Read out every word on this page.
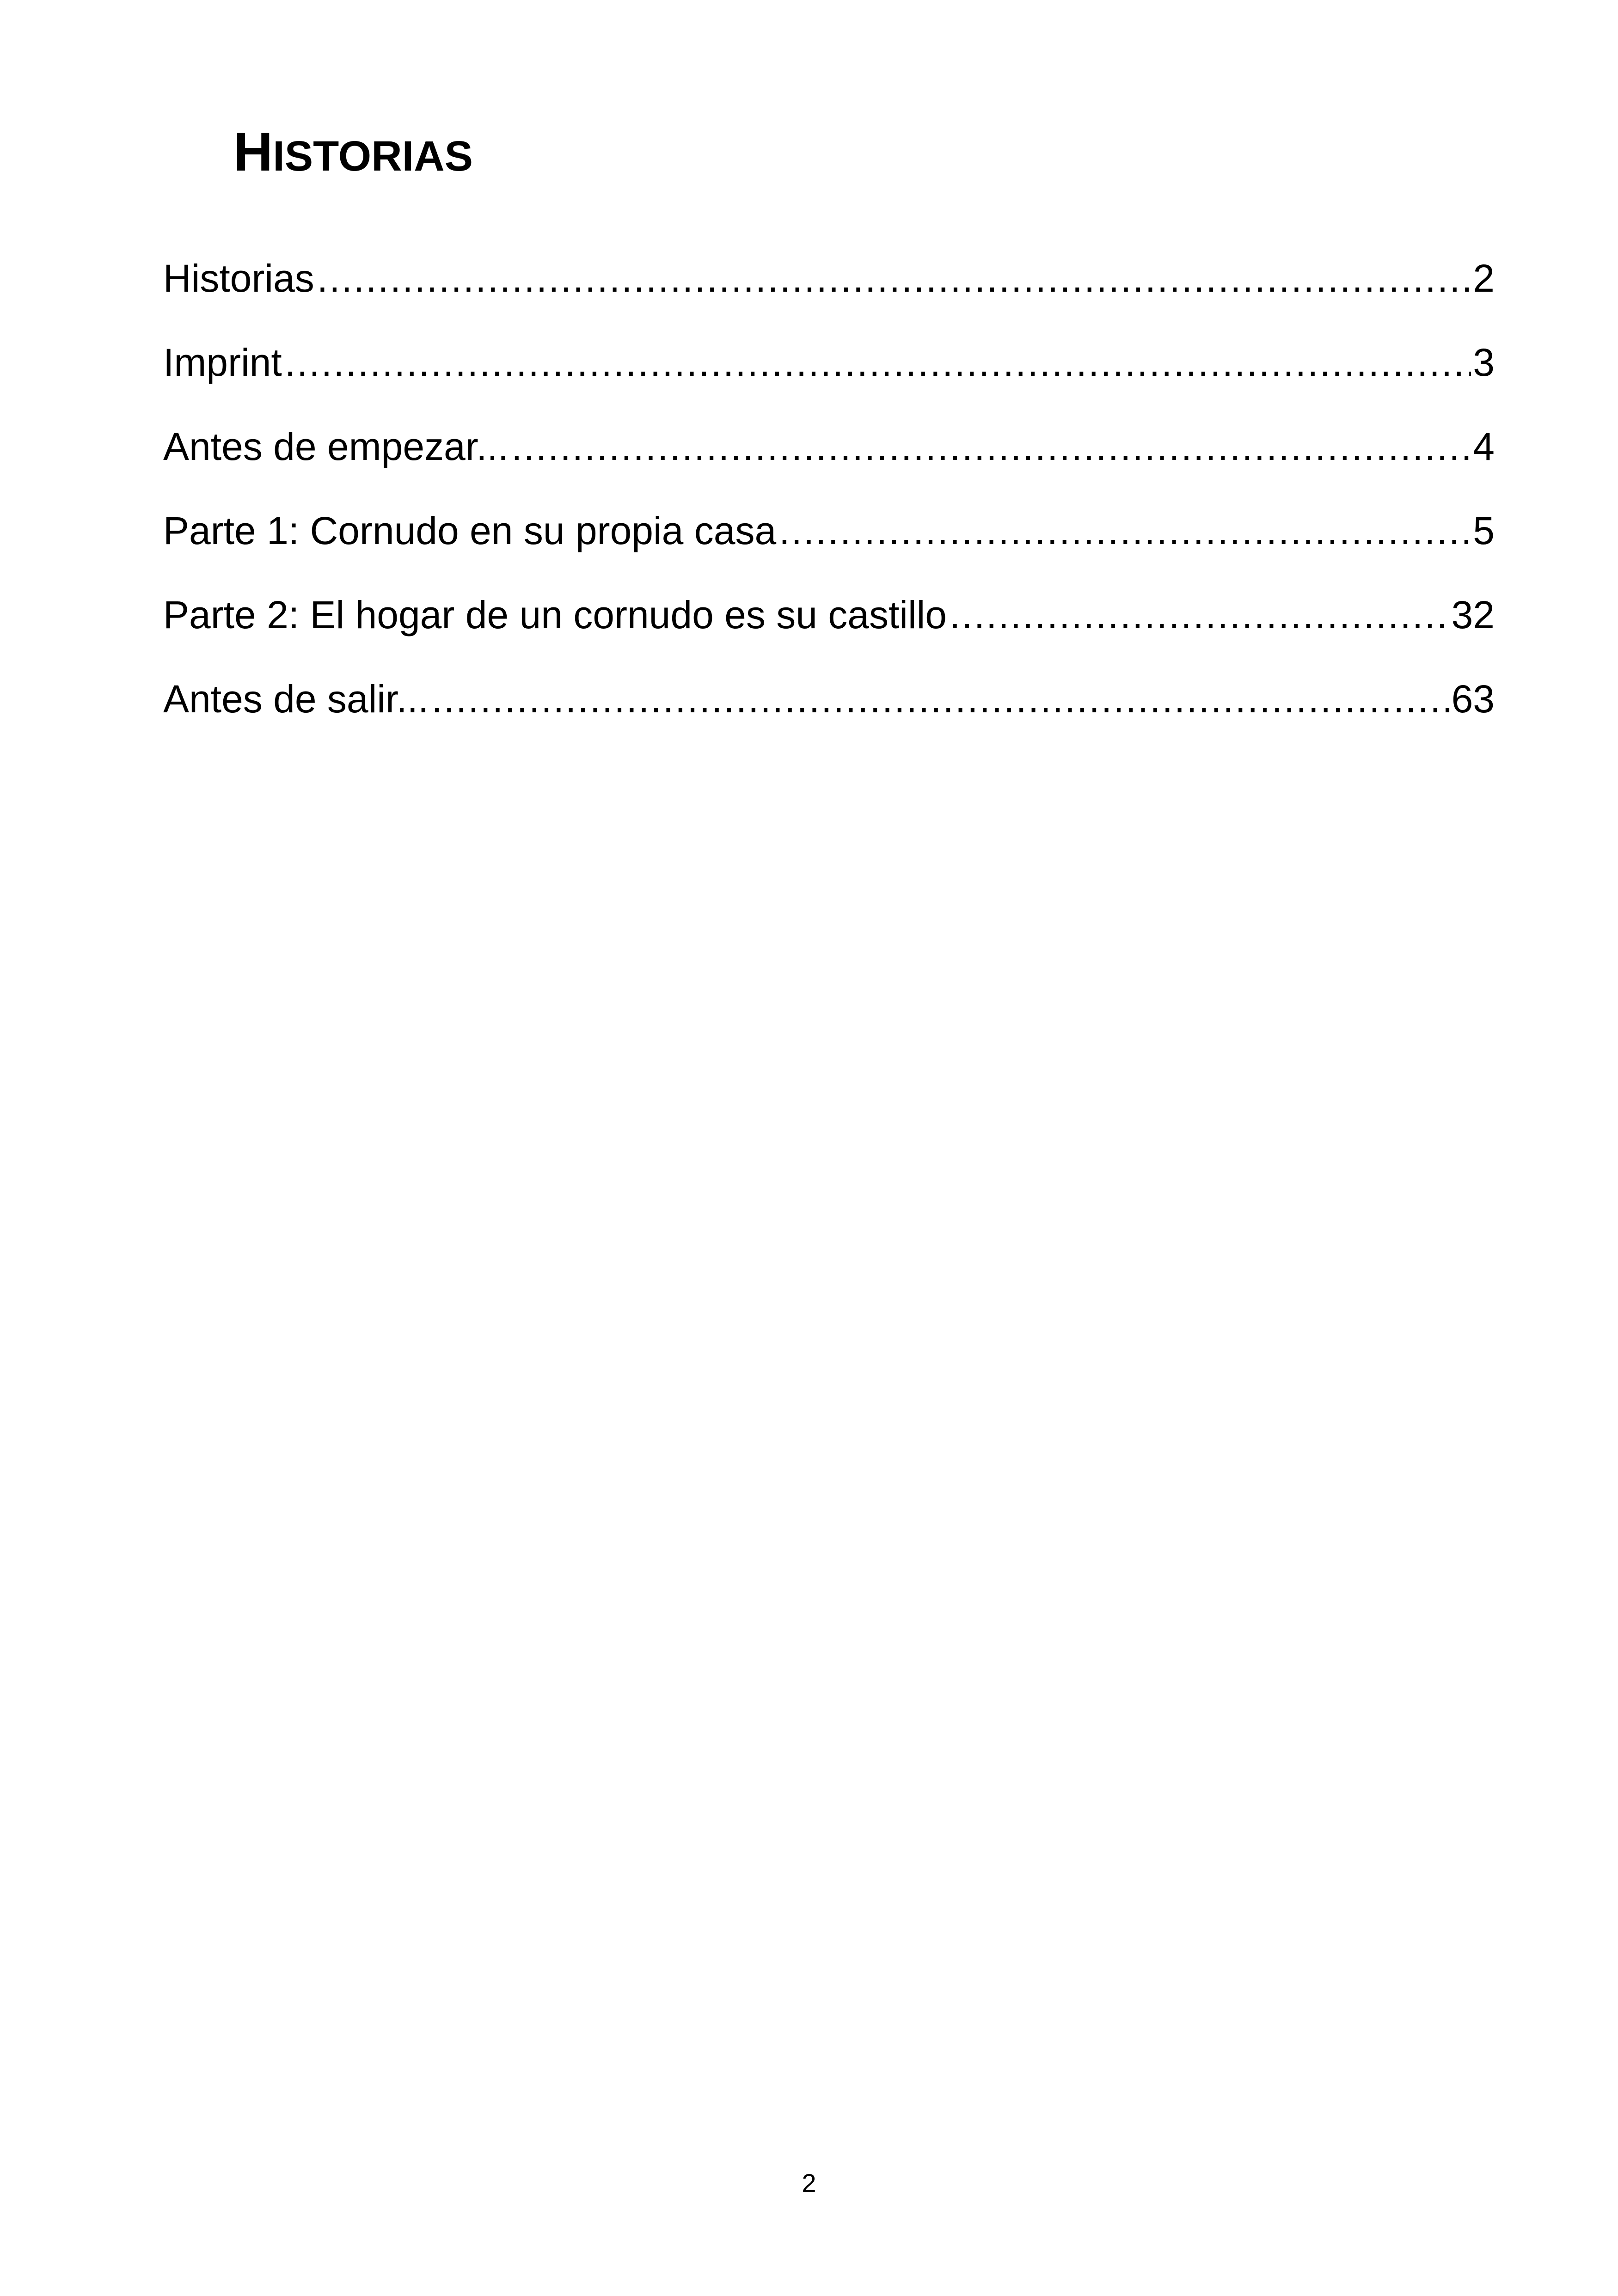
HISTORIAS
Historias .....	2
Imprint .....	3
Antes de empezar... .....	4
Parte 1: Cornudo en su propia casa .....	5
Parte 2: El hogar de un cornudo es su castillo .....	32
Antes de salir... .....	63
2
